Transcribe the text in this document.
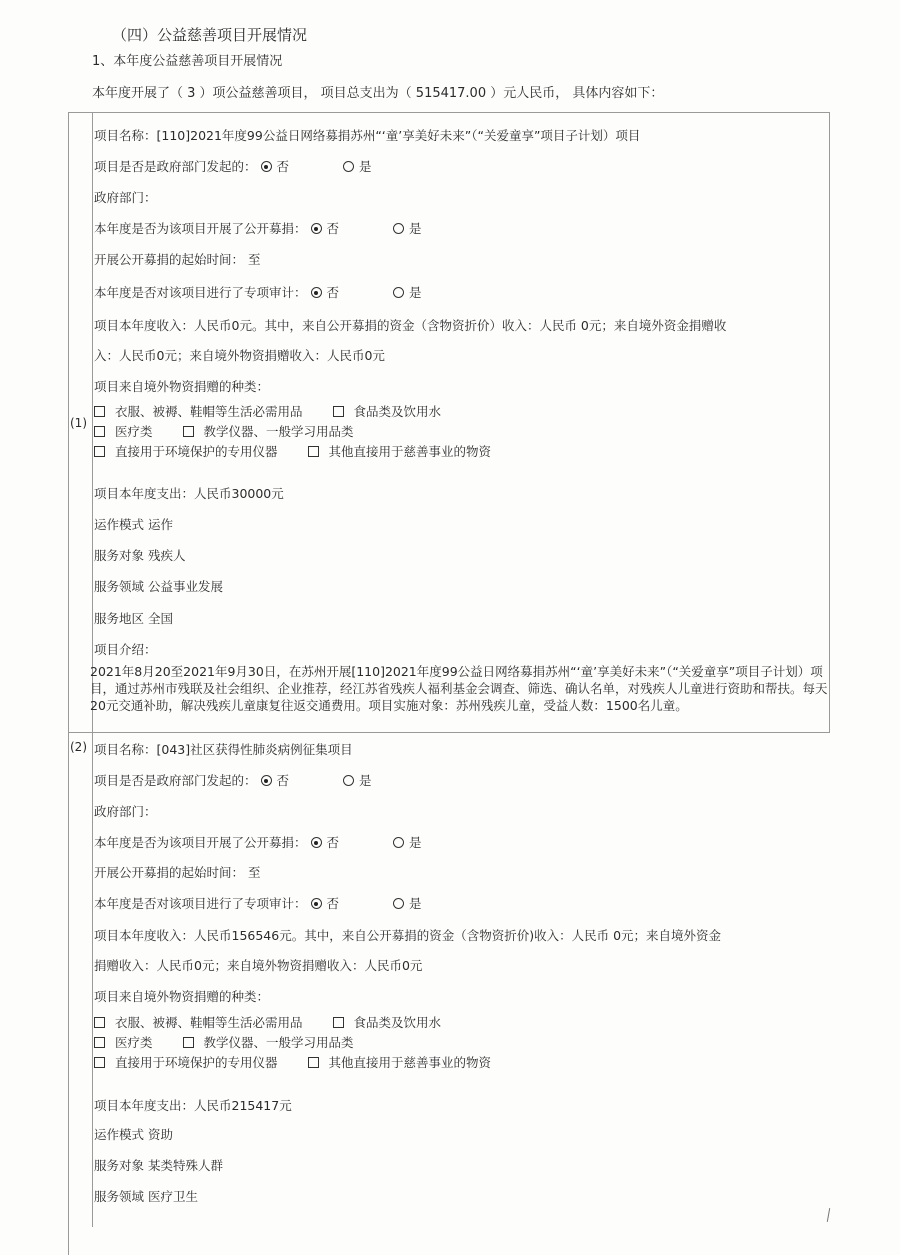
（四）公益慈善项目开展情况
1、本年度公益慈善项目开展情况
本年度开展了（ 3 ）项公益慈善项目， 项目总支出为（ 515417.00 ）元人民币， 具体内容如下：
(1)
项目名称：[110]2021年度99公益日网络募捐苏州“‘童’享美好未来”（“关爱童享”项目子计划）项目
项目是否是政府部门发起的： 否	是
政府部门：
本年度是否为该项目开展了公开募捐： 否	是
开展公开募捐的起始时间： 至
本年度是否对该项目进行了专项审计： 否	是
项目本年度收入：人民币0元。其中，来自公开募捐的资金（含物资折价）收入：人民币 0元；来自境外资金捐赠收
入：人民币0元；来自境外物资捐赠收入：人民币0元
项目来自境外物资捐赠的种类：
衣服、被褥、鞋帽等生活必需用品	食品类及饮用水
医疗类	教学仪器、一般学习用品类
直接用于环境保护的专用仪器	其他直接用于慈善事业的物资
项目本年度支出：人民币30000元
运作模式 运作
服务对象 残疾人
服务领域 公益事业发展
服务地区 全国
项目介绍：
2021年8月20至2021年9月30日，在苏州开展[110]2021年度99公益日网络募捐苏州“‘童’享美好未来”（“关爱童享”项目子计划）项目，通过苏州市残联及社会组织、企业推荐，经江苏省残疾人福利基金会调查、筛选、确认名单，对残疾人儿童进行资助和帮扶。每天20元交通补助，解决残疾儿童康复往返交通费用。项目实施对象：苏州残疾儿童，受益人数：1500名儿童。
(2) 项目名称：[043]社区获得性肺炎病例征集项目
项目是否是政府部门发起的： 否	是
政府部门：
本年度是否为该项目开展了公开募捐： 否	是
开展公开募捐的起始时间： 至
本年度是否对该项目进行了专项审计： 否	是
项目本年度收入：人民币156546元。其中，来自公开募捐的资金（含物资折价)收入：人民币 0元；来自境外资金
捐赠收入：人民币0元；来自境外物资捐赠收入：人民币0元
项目来自境外物资捐赠的种类：
衣服、被褥、鞋帽等生活必需用品	食品类及饮用水
医疗类	教学仪器、一般学习用品类
直接用于环境保护的专用仪器	其他直接用于慈善事业的物资
项目本年度支出：人民币215417元
运作模式 资助
服务对象 某类特殊人群
服务领域 医疗卫生
